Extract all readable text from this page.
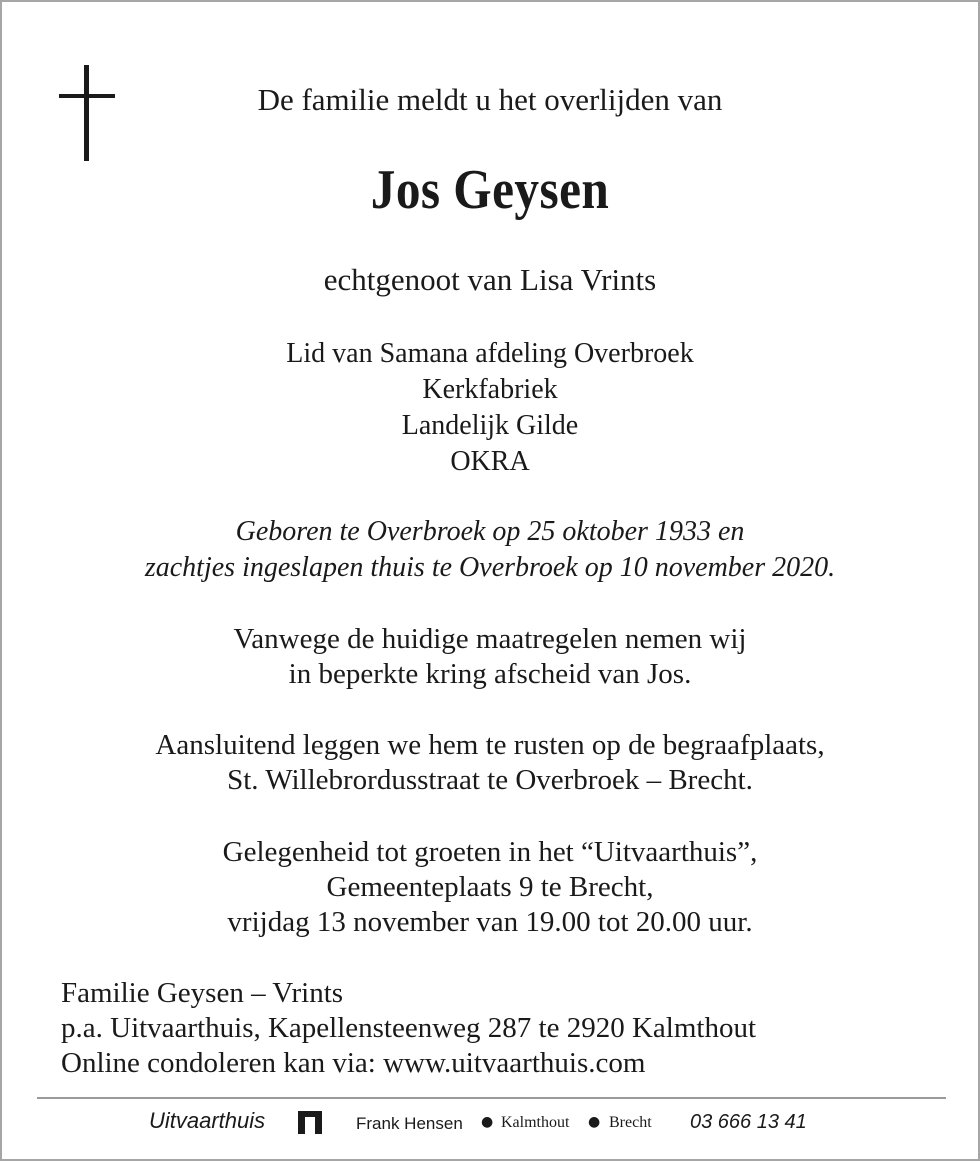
De familie meldt u het overlijden van
Jos Geysen
echtgenoot van Lisa Vrints
Lid van Samana afdeling Overbroek
Kerkfabriek
Landelijk Gilde
OKRA
Geboren te Overbroek op 25 oktober 1933 en
zachtjes ingeslapen thuis te Overbroek op 10 november 2020.
Vanwege de huidige maatregelen nemen wij
in beperkte kring afscheid van Jos.
Aansluitend leggen we hem te rusten op de begraafplaats,
St. Willebrordusstraat te Overbroek – Brecht.
Gelegenheid tot groeten in het “Uitvaarthuis”,
Gemeenteplaats 9 te Brecht,
vrijdag 13 november van 19.00 tot 20.00 uur.
Familie Geysen – Vrints
p.a. Uitvaarthuis, Kapellensteenweg 287 te 2920 Kalmthout
Online condoleren kan via: www.uitvaarthuis.com
Uitvaarthuis	Frank Hensen ● Kalmthout ● Brecht 03 666 13 41
